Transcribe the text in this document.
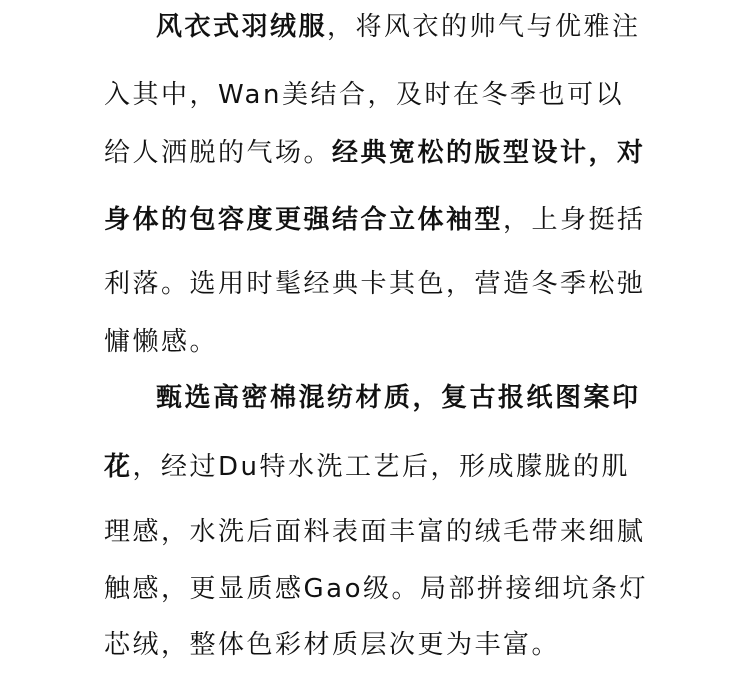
风衣式羽绒服，将风衣的帅气与优雅注
入其中，Wan美结合，及时在冬季也可以
给人洒脱的气场。经典宽松的版型设计，对
身体的包容度更强结合立体袖型，上身挺括
利落。选用时髦经典卡其色，营造冬季松弛
慵懒感。
甄选高密棉混纺材质，复古报纸图案印
花，经过Du特水洗工艺后，形成朦胧的肌
理感，水洗后面料表面丰富的绒毛带来细腻
触感，更显质感Gao级。局部拼接细坑条灯
芯绒，整体色彩材质层次更为丰富。
